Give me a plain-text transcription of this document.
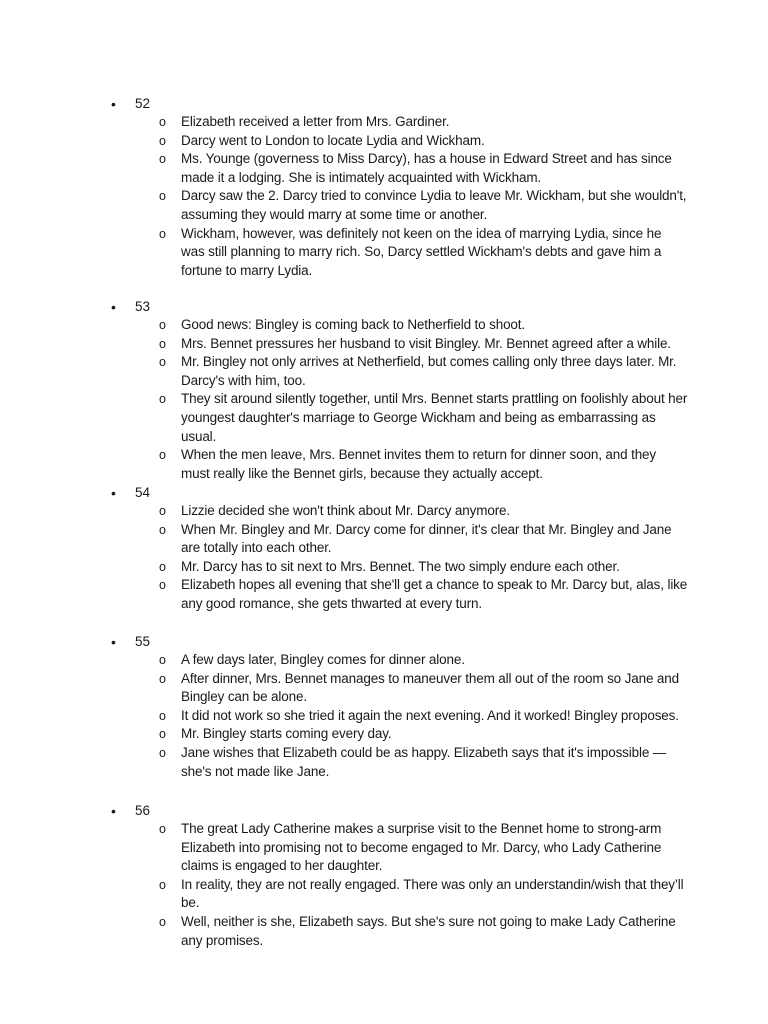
• 52
o Elizabeth received a letter from Mrs. Gardiner.
o Darcy went to London to locate Lydia and Wickham.
o Ms. Younge (governess to Miss Darcy), has a house in Edward Street and has since made it a lodging. She is intimately acquainted with Wickham.
o Darcy saw the 2. Darcy tried to convince Lydia to leave Mr. Wickham, but she wouldn't, assuming they would marry at some time or another.
o Wickham, however, was definitely not keen on the idea of marrying Lydia, since he was still planning to marry rich. So, Darcy settled Wickham's debts and gave him a fortune to marry Lydia.
• 53
o Good news: Bingley is coming back to Netherfield to shoot.
o Mrs. Bennet pressures her husband to visit Bingley. Mr. Bennet agreed after a while.
o Mr. Bingley not only arrives at Netherfield, but comes calling only three days later. Mr. Darcy's with him, too.
o They sit around silently together, until Mrs. Bennet starts prattling on foolishly about her youngest daughter's marriage to George Wickham and being as embarrassing as usual.
o When the men leave, Mrs. Bennet invites them to return for dinner soon, and they must really like the Bennet girls, because they actually accept.
• 54
o Lizzie decided she won't think about Mr. Darcy anymore.
o When Mr. Bingley and Mr. Darcy come for dinner, it's clear that Mr. Bingley and Jane are totally into each other.
o Mr. Darcy has to sit next to Mrs. Bennet. The two simply endure each other.
o Elizabeth hopes all evening that she'll get a chance to speak to Mr. Darcy but, alas, like any good romance, she gets thwarted at every turn.
• 55
o A few days later, Bingley comes for dinner alone.
o After dinner, Mrs. Bennet manages to maneuver them all out of the room so Jane and Bingley can be alone.
o It did not work so she tried it again the next evening. And it worked! Bingley proposes.
o Mr. Bingley starts coming every day.
o Jane wishes that Elizabeth could be as happy. Elizabeth says that it's impossible —she's not made like Jane.
• 56
o The great Lady Catherine makes a surprise visit to the Bennet home to strong-arm Elizabeth into promising not to become engaged to Mr. Darcy, who Lady Catherine claims is engaged to her daughter.
o In reality, they are not really engaged. There was only an understandin/wish that they’ll be.
o Well, neither is she, Elizabeth says. But she's sure not going to make Lady Catherine any promises.
